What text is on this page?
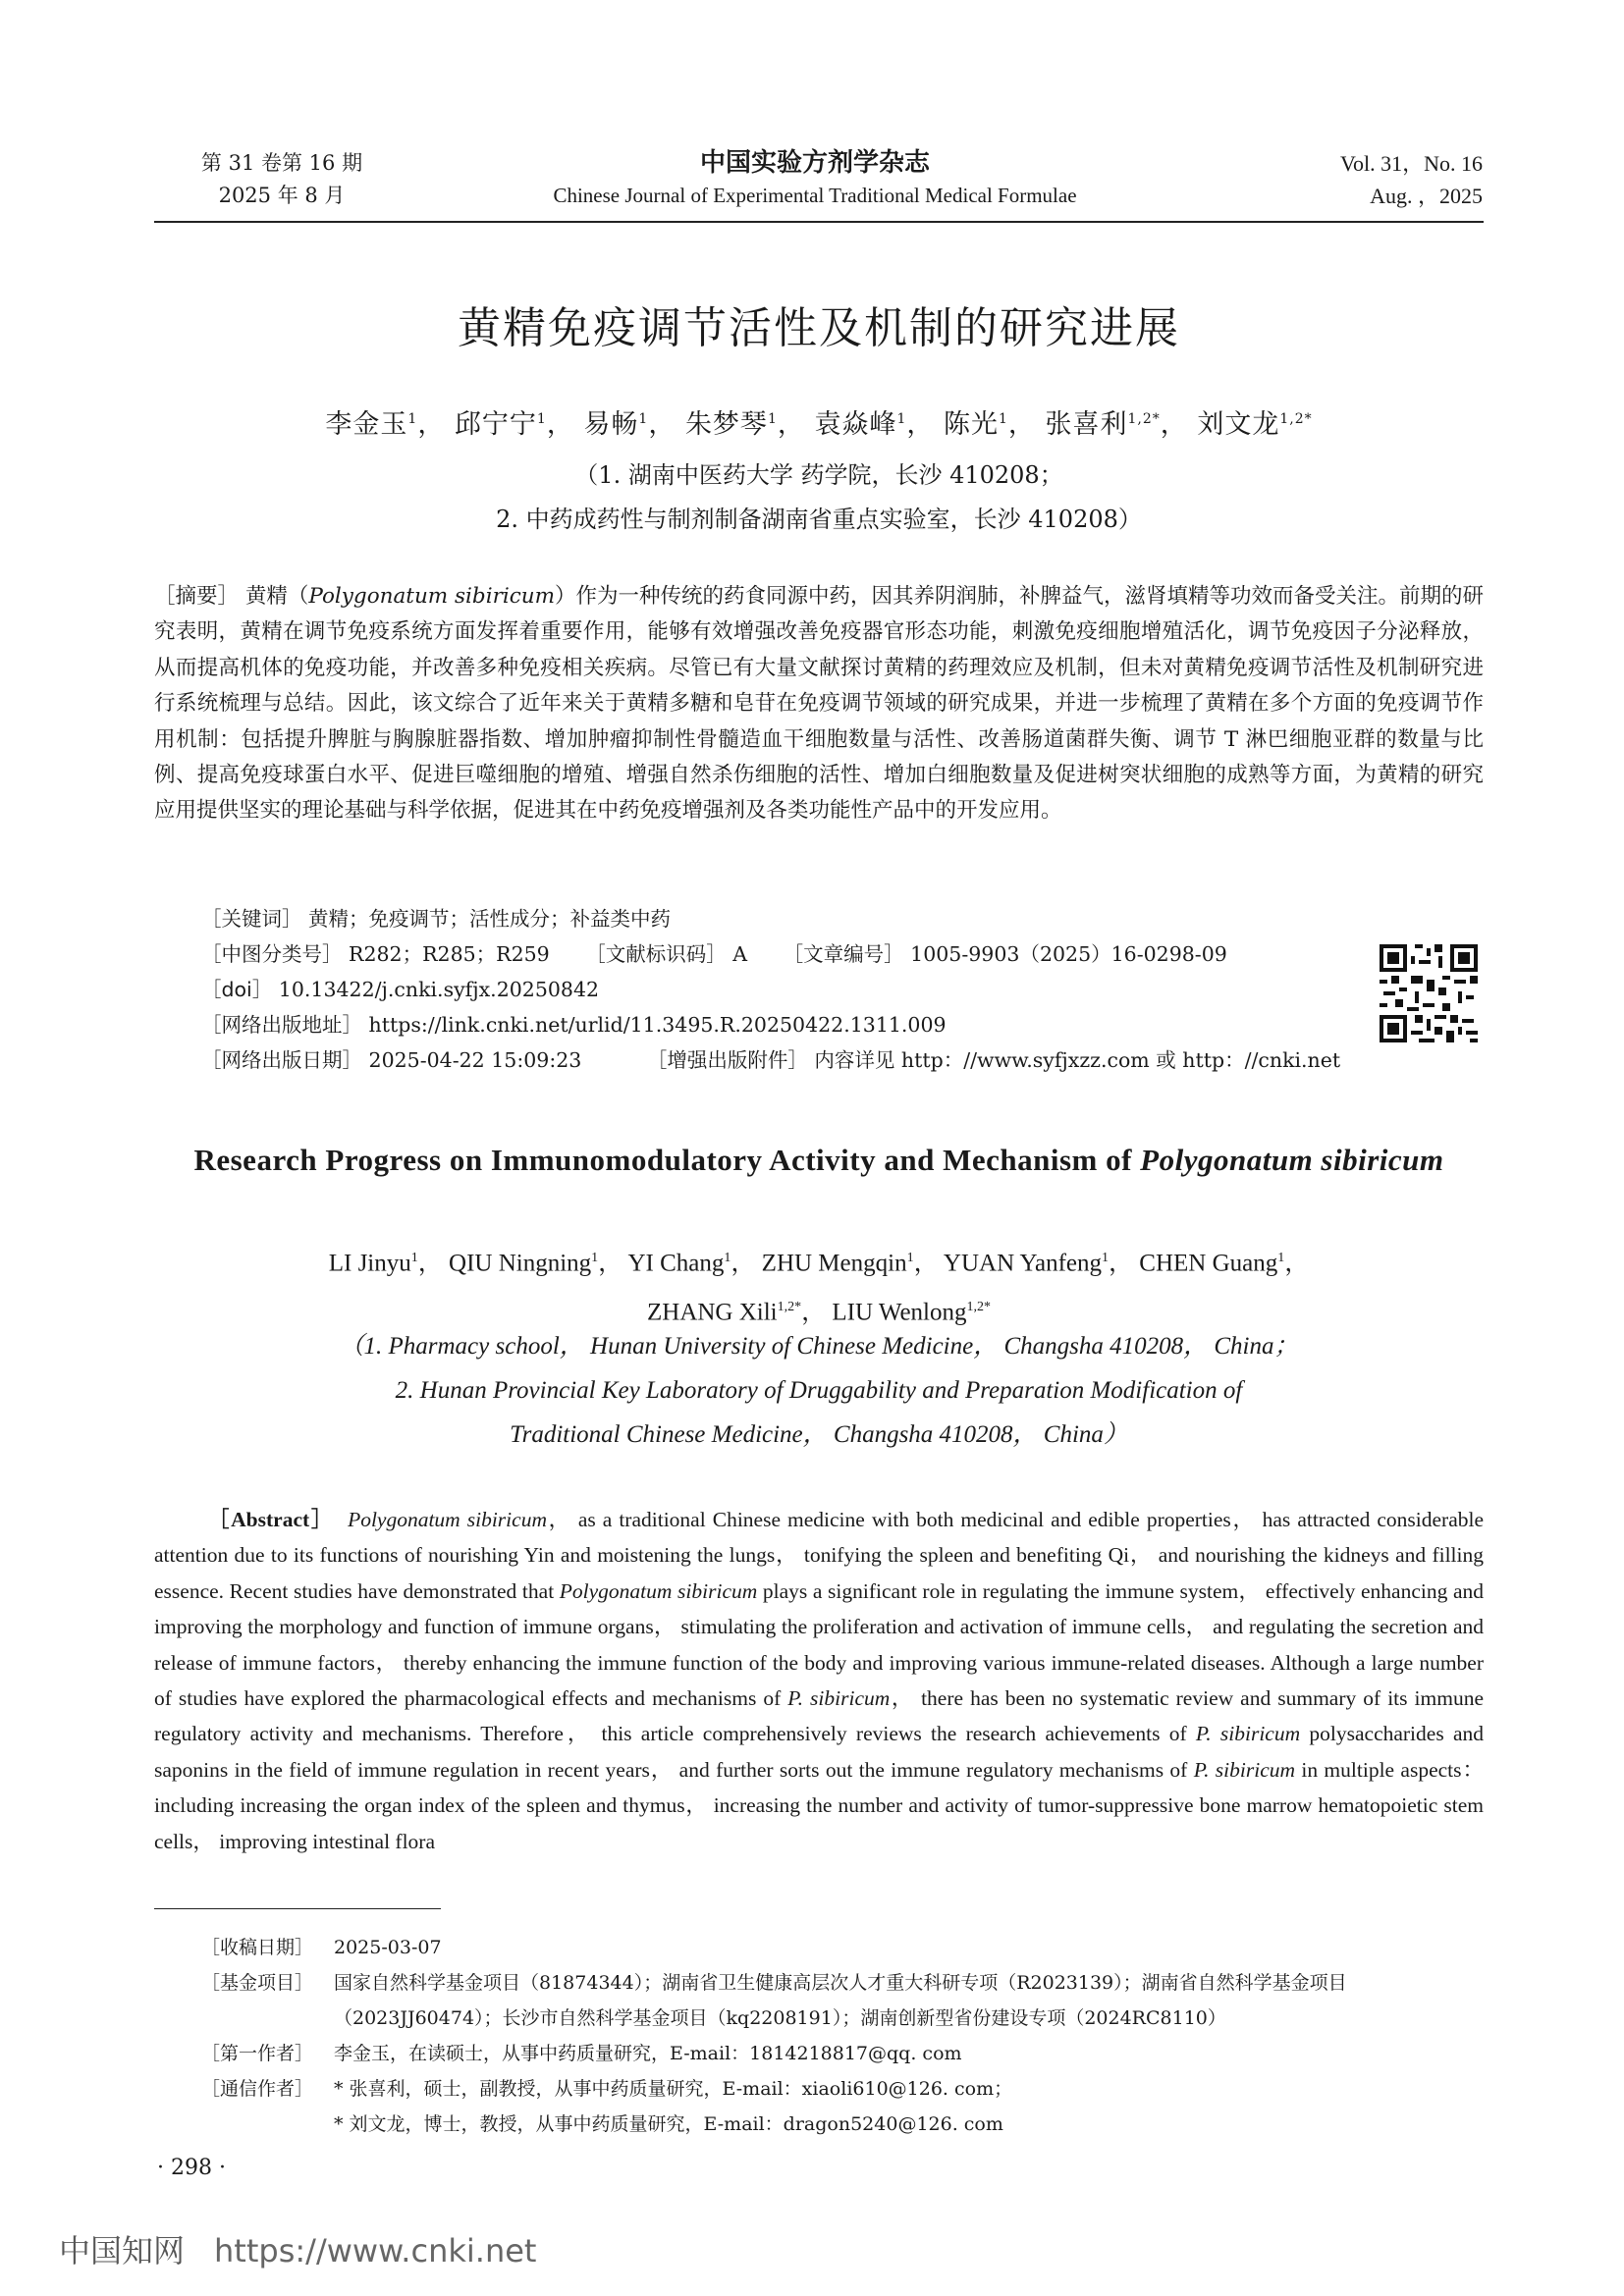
第 31 卷第 16 期
2025 年 8 月
中国实验方剂学杂志
Chinese Journal of Experimental Traditional Medical Formulae
Vol. 31，No. 16
Aug. ，2025
黄精免疫调节活性及机制的研究进展
李金玉$^1$， 邱宁宁$^1$， 易畅$^1$， 朱梦琴$^1$， 袁焱峰$^1$， 陈光$^1$， 张喜利$^{1,2*}$， 刘文龙$^{1,2*}$
（1. 湖南中医药大学 药学院，长沙 410208；
2. 中药成药性与制剂制备湖南省重点实验室，长沙 410208）
［摘要］ 黄精（Polygonatum sibiricum）作为一种传统的药食同源中药，因其养阴润肺，补脾益气，滋肾填精等功效而备受关注。前期的研究表明，黄精在调节免疫系统方面发挥着重要作用，能够有效增强改善免疫器官形态功能，刺激免疫细胞增殖活化，调节免疫因子分泌释放，从而提高机体的免疫功能，并改善多种免疫相关疾病。尽管已有大量文献探讨黄精的药理效应及机制，但未对黄精免疫调节活性及机制研究进行系统梳理与总结。因此，该文综合了近年来关于黄精多糖和皂苷在免疫调节领域的研究成果，并进一步梳理了黄精在多个方面的免疫调节作用机制：包括提升脾脏与胸腺脏器指数、增加肿瘤抑制性骨髓造血干细胞数量与活性、改善肠道菌群失衡、调节 T 淋巴细胞亚群的数量与比例、提高免疫球蛋白水平、促进巨噬细胞的增殖、增强自然杀伤细胞的活性、增加白细胞数量及促进树突状细胞的成熟等方面，为黄精的研究应用提供坚实的理论基础与科学依据，促进其在中药免疫增强剂及各类功能性产品中的开发应用。
［关键词］ 黄精；免疫调节；活性成分；补益类中药
［中图分类号］ R282；R285；R259 ［文献标识码］ A ［文章编号］ 1005-9903（2025）16-0298-09
［doi］ 10.13422/j.cnki.syfjx.20250842
［网络出版地址］ https://link.cnki.net/urlid/11.3495.R.20250422.1311.009
［网络出版日期］ 2025-04-22 15:09:23	［增强出版附件］ 内容详见 http：//www.syfjxzz.com 或 http：//cnki.net
Research Progress on Immunomodulatory Activity and Mechanism of Polygonatum sibiricum
LI Jinyu$^1$， QIU Ningning$^1$， YI Chang$^1$， ZHU Mengqin$^1$， YUAN Yanfeng$^1$， CHEN Guang$^1$，
ZHANG Xili$^{1,2*}$， LIU Wenlong$^{1,2*}$
（1. Pharmacy school， Hunan University of Chinese Medicine， Changsha 410208， China；
2. Hunan Provincial Key Laboratory of Druggability and Preparation Modification of
Traditional Chinese Medicine， Changsha 410208， China）

［Abstract］ Polygonatum sibiricum， as a traditional Chinese medicine with both medicinal and edible properties， has attracted considerable attention due to its functions of nourishing Yin and moistening the lungs， tonifying the spleen and benefiting Qi， and nourishing the kidneys and filling essence. Recent studies have demonstrated that Polygonatum sibiricum plays a significant role in regulating the immune system， effectively enhancing and improving the morphology and function of immune organs， stimulating the proliferation and activation of immune cells， and regulating the secretion and release of immune factors， thereby enhancing the immune function of the body and improving various immune-related diseases. Although a large number of studies have explored the pharmacological effects and mechanisms of P. sibiricum， there has been no systematic review and summary of its immune regulatory activity and mechanisms. Therefore， this article comprehensively reviews the research achievements of P. sibiricum polysaccharides and saponins in the field of immune regulation in recent years， and further sorts out the immune regulatory mechanisms of P. sibiricum in multiple aspects： including increasing the organ index of the spleen and thymus， increasing the number and activity of tumor-suppressive bone marrow hematopoietic stem cells， improving intestinal flora

［收稿日期］ 2025-03-07
［基金项目］ 国家自然科学基金项目（81874344）；湖南省卫生健康高层次人才重大科研专项（R2023139）；湖南省自然科学基金项目
（2023JJ60474）；长沙市自然科学基金项目（kq2208191）；湖南创新型省份建设专项（2024RC8110）
［第一作者］ 李金玉，在读硕士，从事中药质量研究，E-mail：1814218817@qq. com
［通信作者］ * 张喜利，硕士，副教授，从事中药质量研究，E-mail：xiaoli610@126. com；
* 刘文龙，博士，教授，从事中药质量研究，E-mail：dragon5240@126. com
· 298 ·
中国知网 https://www.cnki.net
